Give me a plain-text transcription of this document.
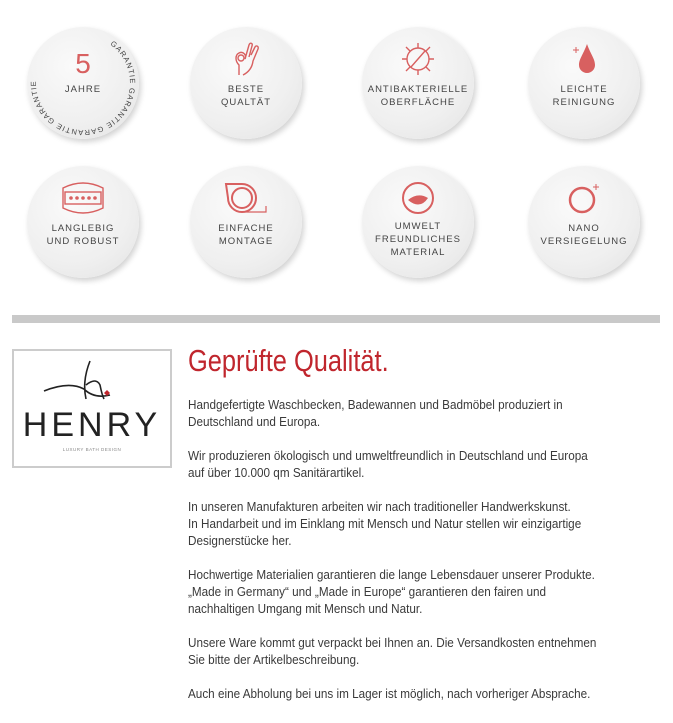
GARANTIE GARANTIE GARANTIE GARANTIE
5
JAHRE	BESTE
QUALTÄT
ANTIBAKTERIELLE
OBERFLÄCHE
LEICHTE
REINIGUNG
LANGLEBIG
UND ROBUST
EINFACHE
MONTAGE
UMWELT
FREUNDLICHES
MATERIAL
NANO
VERSIEGELUNG
HENRY
LUXURY BATH DESIGN
Geprüfte Qualität.

Handgefertigte Waschbecken, Badewannen und Badmöbel produziert in
Deutschland und Europa.

Wir produzieren ökologisch und umweltfreundlich in Deutschland und Europa
auf über 10.000 qm Sanitärartikel.

In unseren Manufakturen arbeiten wir nach traditioneller Handwerkskunst.
In Handarbeit und im Einklang mit Mensch und Natur stellen wir einzigartige
Designerstücke her.

Hochwertige Materialien garantieren die lange Lebensdauer unserer Produkte.
„Made in Germany“ und „Made in Europe“ garantieren den fairen und
nachhaltigen Umgang mit Mensch und Natur.

Unsere Ware kommt gut verpackt bei Ihnen an. Die Versandkosten entnehmen
Sie bitte der Artikelbeschreibung.

Auch eine Abholung bei uns im Lager ist möglich, nach vorheriger Absprache.
